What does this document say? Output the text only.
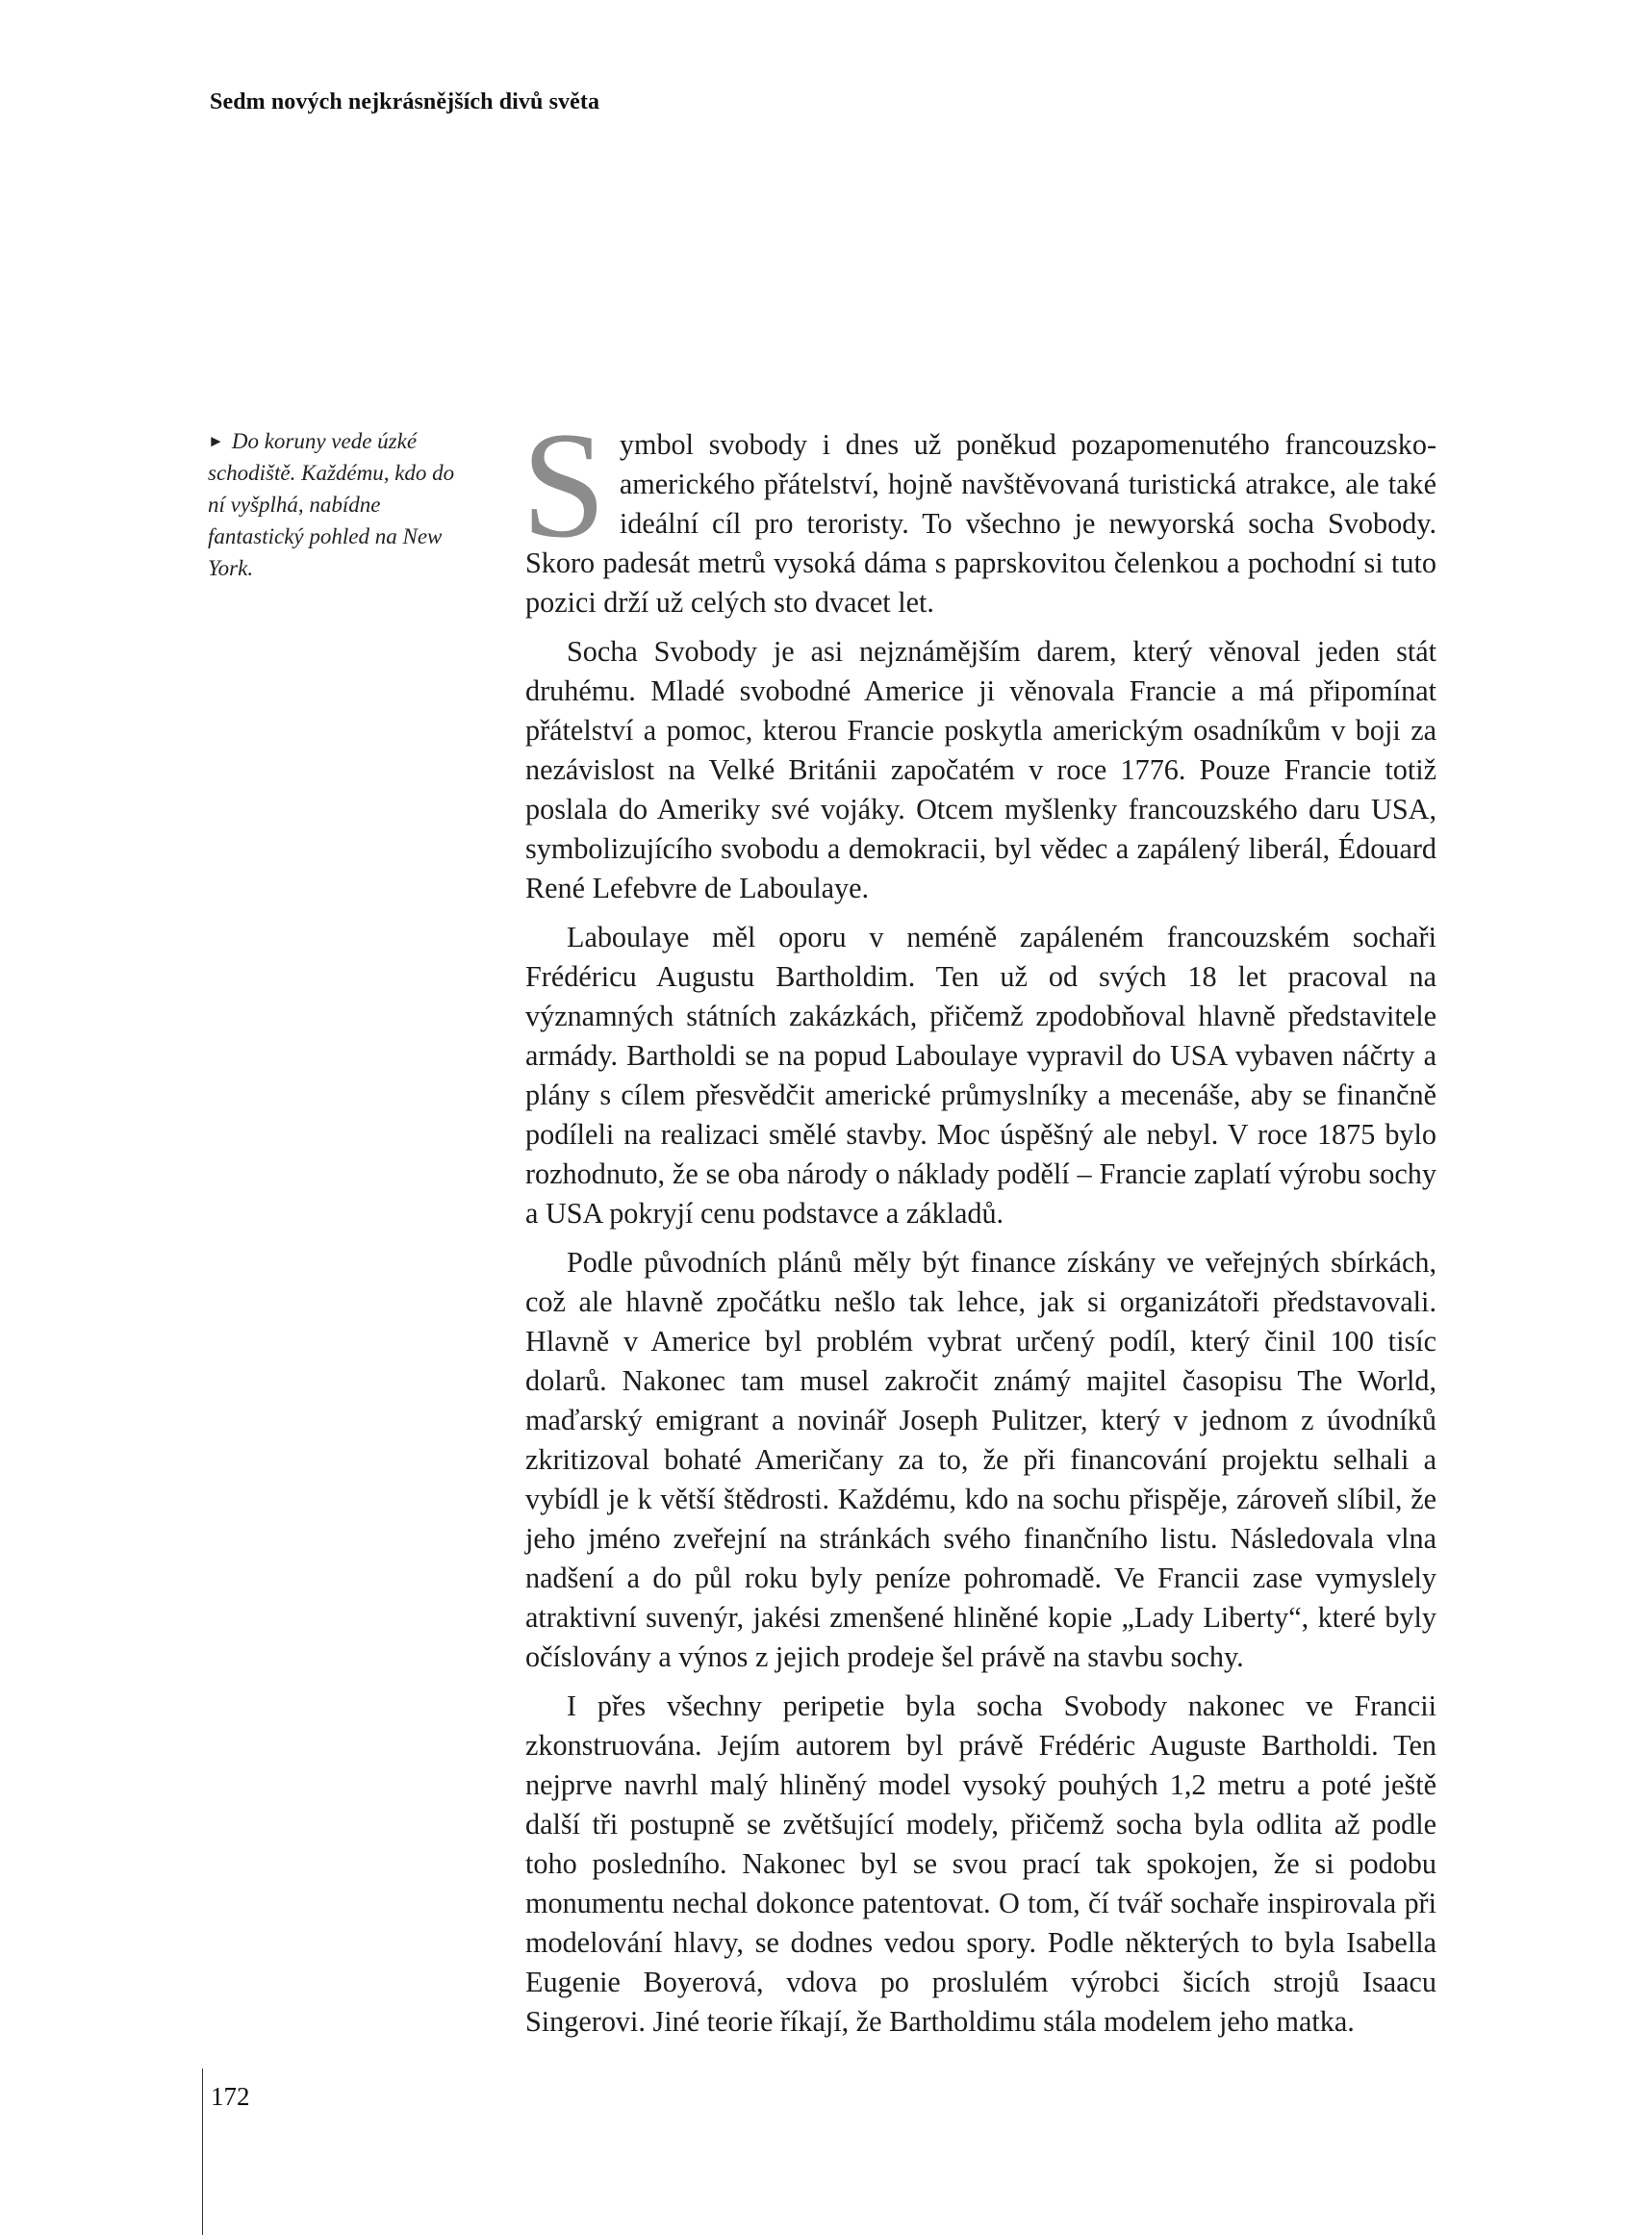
Sedm nových nejkrásnějších divů světa
► Do koruny vede úzké schodiště. Každému, kdo do ní vyšplhá, nabídne fantastický pohled na New York.	Symbol svobody i dnes už poněkud pozapomenutého francouzsko-amerického přátelství, hojně navštěvovaná turistická atrakce, ale také ideální cíl pro teroristy. To všechno je newyorská socha Svobody. Skoro padesát metrů vysoká dáma s paprskovitou čelenkou a pochodní si tuto pozici drží už celých sto dvacet let.

Socha Svobody je asi nejznámějším darem, který věnoval jeden stát druhému. Mladé svobodné Americe ji věnovala Francie a má připomínat přátelství a pomoc, kterou Francie poskytla americkým osadníkům v boji za nezávislost na Velké Británii započatém v roce 1776. Pouze Francie totiž poslala do Ameriky své vojáky. Otcem myšlenky francouzského daru USA, symbolizujícího svobodu a demokracii, byl vědec a zapálený liberál, Édouard René Lefebvre de Laboulaye.

Laboulaye měl oporu v neméně zapáleném francouzském sochaři Frédéricu Augustu Bartholdim. Ten už od svých 18 let pracoval na významných státních zakázkách, přičemž zpodobňoval hlavně představitele armády. Bartholdi se na popud Laboulaye vypravil do USA vybaven náčrty a plány s cílem přesvědčit americké průmyslníky a mecenáše, aby se finančně podíleli na realizaci smělé stavby. Moc úspěšný ale nebyl. V roce 1875 bylo rozhodnuto, že se oba národy o náklady podělí – Francie zaplatí výrobu sochy a USA pokryjí cenu podstavce a základů.

Podle původních plánů měly být finance získány ve veřejných sbírkách, což ale hlavně zpočátku nešlo tak lehce, jak si organizátoři představovali. Hlavně v Americe byl problém vybrat určený podíl, který činil 100 tisíc dolarů. Nakonec tam musel zakročit známý majitel časopisu The World, maďarský emigrant a novinář Joseph Pulitzer, který v jednom z úvodníků zkritizoval bohaté Američany za to, že při financování projektu selhali a vybídl je k větší štědrosti. Každému, kdo na sochu přispěje, zároveň slíbil, že jeho jméno zveřejní na stránkách svého finančního listu. Následovala vlna nadšení a do půl roku byly peníze pohromadě. Ve Francii zase vymyslely atraktivní suvenýr, jakési zmenšené hliněné kopie „Lady Liberty“, které byly očíslovány a výnos z jejich prodeje šel právě na stavbu sochy.

I přes všechny peripetie byla socha Svobody nakonec ve Francii zkonstruována. Jejím autorem byl právě Frédéric Auguste Bartholdi. Ten nejprve navrhl malý hliněný model vysoký pouhých 1,2 metru a poté ještě další tři postupně se zvětšující modely, přičemž socha byla odlita až podle toho posledního. Nakonec byl se svou prací tak spokojen, že si podobu monumentu nechal dokonce patentovat. O tom, čí tvář sochaře inspirovala při modelování hlavy, se dodnes vedou spory. Podle některých to byla Isabella Eugenie Boyerová, vdova po proslulém výrobci šicích strojů Isaacu Singerovi. Jiné teorie říkají, že Bartholdimu stála modelem jeho matka.

172
